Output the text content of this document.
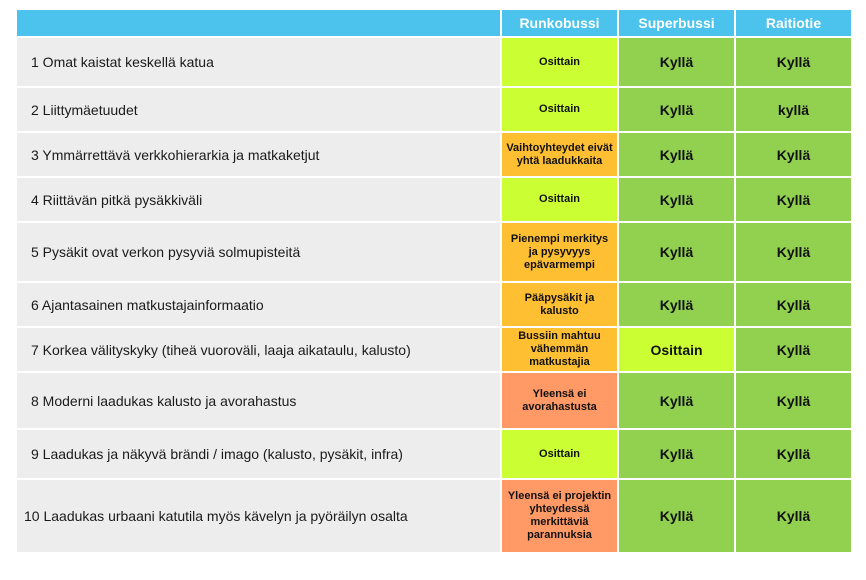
	Runkobussi	Superbussi	Raitiotie
1 Omat kaistat keskellä katua	Osittain	Kyllä	Kyllä
2 Liittymäetuudet	Osittain	Kyllä	kyllä
3 Ymmärrettävä verkkohierarkia ja matkaketjut	Vaihtoyhteydet eivät yhtä laadukkaita	Kyllä	Kyllä
4 Riittävän pitkä pysäkkiväli	Osittain	Kyllä	Kyllä
5 Pysäkit ovat verkon pysyviä solmupisteitä	Pienempi merkitys ja pysyvyys epävarmempi	Kyllä	Kyllä
6 Ajantasainen matkustajainformaatio	Pääpysäkit ja kalusto	Kyllä	Kyllä
7 Korkea välityskyky (tiheä vuoroväli, laaja aikataulu, kalusto)	Bussiin mahtuu vähemmän matkustajia	Osittain	Kyllä
8 Moderni laadukas kalusto ja avorahastus	Yleensä ei avorahastusta	Kyllä	Kyllä
9 Laadukas ja näkyvä brändi / imago (kalusto, pysäkit, infra)	Osittain	Kyllä	Kyllä
10 Laadukas urbaani katutila myös kävelyn ja pyöräilyn osalta	Yleensä ei projektin yhteydessä merkittäviä parannuksia	Kyllä	Kyllä
